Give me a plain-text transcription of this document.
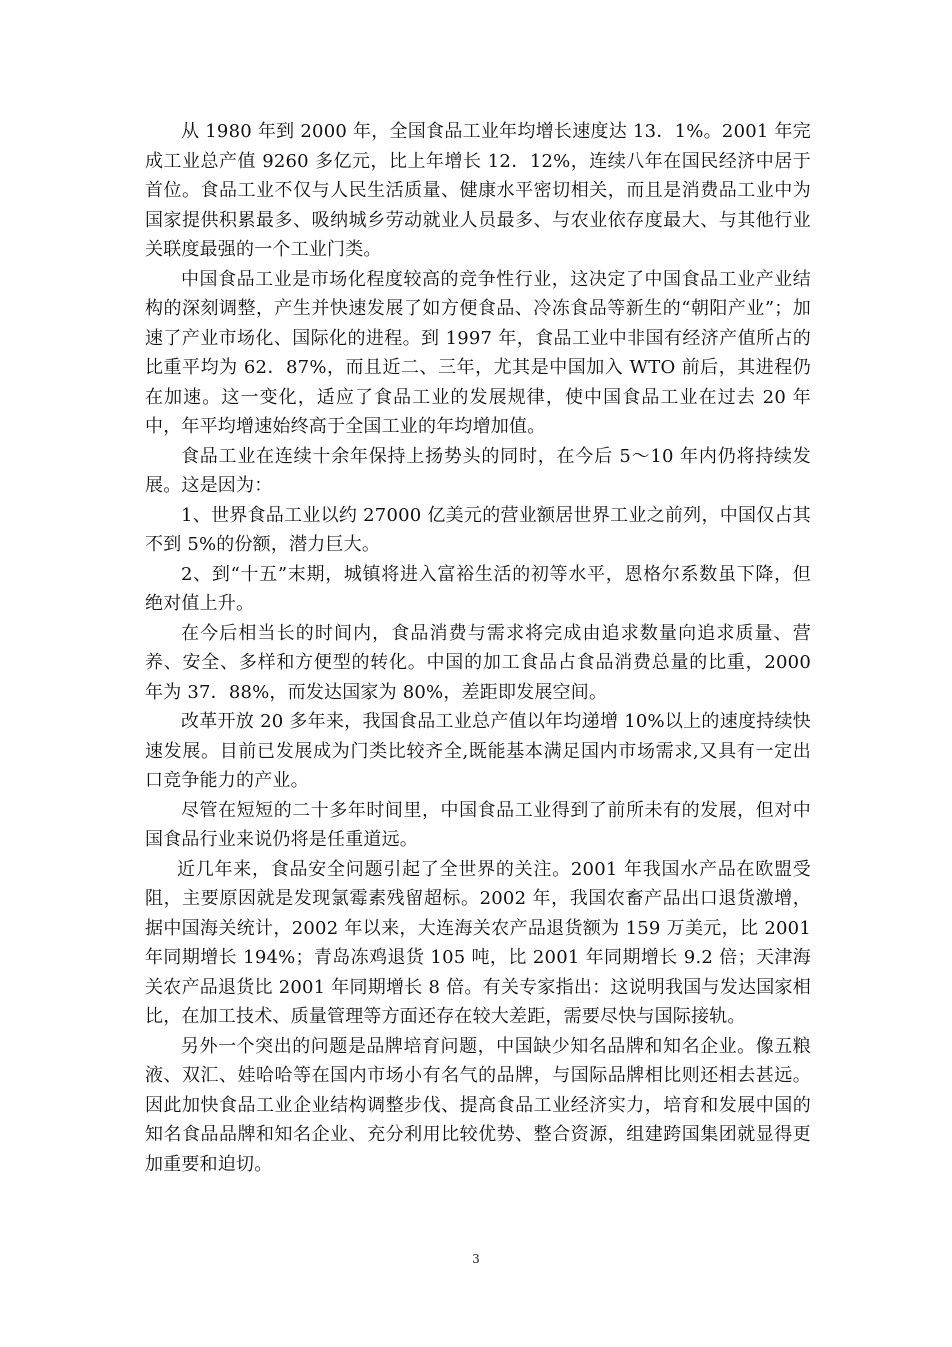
从 1980 年到 2000 年，全国食品工业年均增长速度达 13．1%。2001 年完成工业总产值 9260 多亿元，比上年增长 12．12%，连续八年在国民经济中居于首位。食品工业不仅与人民生活质量、健康水平密切相关，而且是消费品工业中为国家提供积累最多、吸纳城乡劳动就业人员最多、与农业依存度最大、与其他行业关联度最强的一个工业门类。

中国食品工业是市场化程度较高的竞争性行业，这决定了中国食品工业产业结构的深刻调整，产生并快速发展了如方便食品、冷冻食品等新生的“朝阳产业”；加速了产业市场化、国际化的进程。到 1997 年，食品工业中非国有经济产值所占的比重平均为 62．87%，而且近二、三年，尤其是中国加入 WTO 前后，其进程仍在加速。这一变化，适应了食品工业的发展规律，使中国食品工业在过去 20 年中，年平均增速始终高于全国工业的年均增加值。

食品工业在连续十余年保持上扬势头的同时，在今后 5～10 年内仍将持续发展。这是因为：

1、世界食品工业以约 27000 亿美元的营业额居世界工业之前列，中国仅占其不到 5%的份额，潜力巨大。

2、到“十五”末期，城镇将进入富裕生活的初等水平，恩格尔系数虽下降，但绝对值上升。

在今后相当长的时间内，食品消费与需求将完成由追求数量向追求质量、营养、安全、多样和方便型的转化。中国的加工食品占食品消费总量的比重，2000 年为 37．88%，而发达国家为 80%，差距即发展空间。

改革开放 20 多年来，我国食品工业总产值以年均递增 10%以上的速度持续快速发展。目前已发展成为门类比较齐全,既能基本满足国内市场需求,又具有一定出口竞争能力的产业。

尽管在短短的二十多年时间里，中国食品工业得到了前所未有的发展，但对中国食品行业来说仍将是任重道远。

近几年来，食品安全问题引起了全世界的关注。2001 年我国水产品在欧盟受阻，主要原因就是发现氯霉素残留超标。2002 年，我国农畜产品出口退货激增，据中国海关统计，2002 年以来，大连海关农产品退货额为 159 万美元，比 2001 年同期增长 194%；青岛冻鸡退货 105 吨，比 2001 年同期增长 9.2 倍；天津海关农产品退货比 2001 年同期增长 8 倍。有关专家指出：这说明我国与发达国家相比，在加工技术、质量管理等方面还存在较大差距，需要尽快与国际接轨。

另外一个突出的问题是品牌培育问题，中国缺少知名品牌和知名企业。像五粮液、双汇、娃哈哈等在国内市场小有名气的品牌，与国际品牌相比则还相去甚远。因此加快食品工业企业结构调整步伐、提高食品工业经济实力，培育和发展中国的知名食品品牌和知名企业、充分利用比较优势、整合资源，组建跨国集团就显得更加重要和迫切。

3
